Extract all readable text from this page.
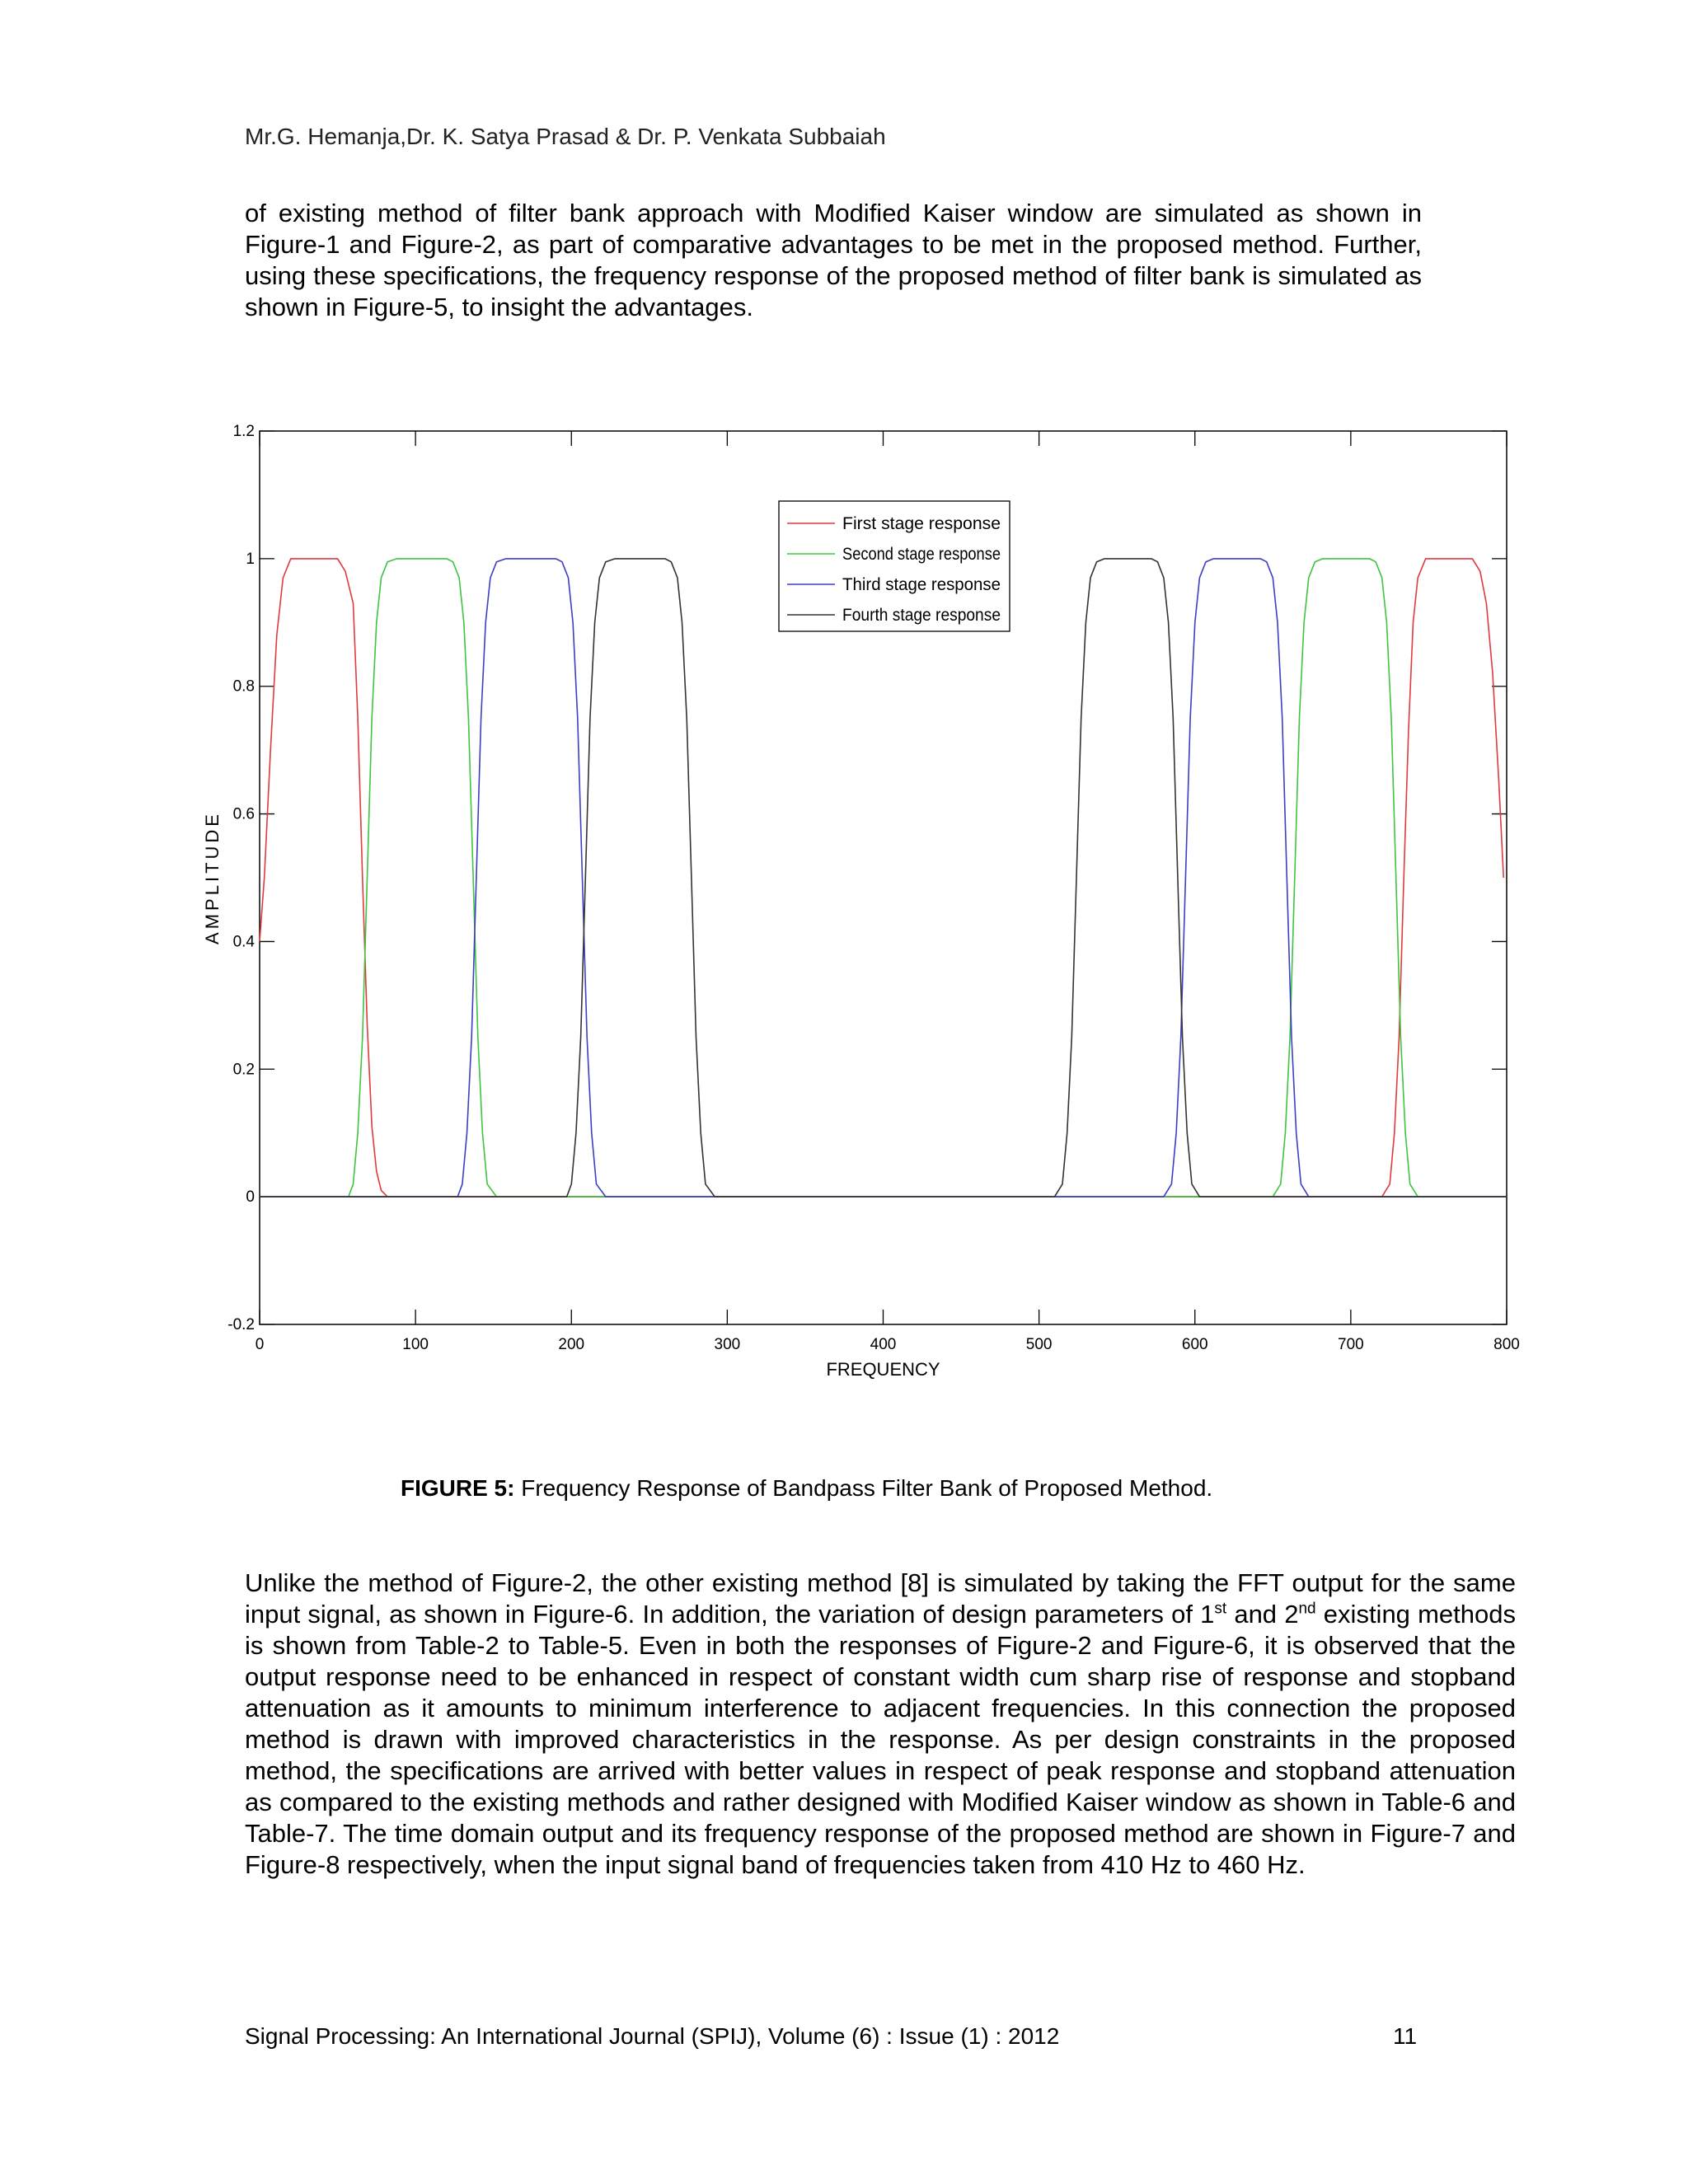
Mr.G. Hemanja,Dr. K. Satya Prasad & Dr. P. Venkata Subbaiah

of existing method of filter bank approach with Modified Kaiser window are simulated as shown in Figure-1 and Figure-2, as part of comparative advantages to be met in the proposed method. Further, using these specifications, the frequency response of the proposed method of filter bank is simulated as shown in Figure-5, to insight the advantages.

0	100	200	300	400	500	600	700	800
-0.2
0
0.2
0.4
0.6
0.8
1
1.2
FREQUENCY
AMPLITUDE
First stage response
Second stage response
Third stage response
Fourth stage response

FIGURE 5: Frequency Response of Bandpass Filter Bank of Proposed Method.

Unlike the method of Figure-2, the other existing method [8] is simulated by taking the FFT output for the same input signal, as shown in Figure-6. In addition, the variation of design parameters of 1st and 2nd existing methods is shown from Table-2 to Table-5. Even in both the responses of Figure-2 and Figure-6, it is observed that the output response need to be enhanced in respect of constant width cum sharp rise of response and stopband attenuation as it amounts to minimum interference to adjacent frequencies. In this connection the proposed method is drawn with improved characteristics in the response. As per design constraints in the proposed method, the specifications are arrived with better values in respect of peak response and stopband attenuation as compared to the existing methods and rather designed with Modified Kaiser window as shown in Table-6 and Table-7. The time domain output and its frequency response of the proposed method are shown in Figure-7 and Figure-8 respectively, when the input signal band of frequencies taken from 410 Hz to 460 Hz.

Signal Processing: An International Journal (SPIJ), Volume (6) : Issue (1) : 2012	11
